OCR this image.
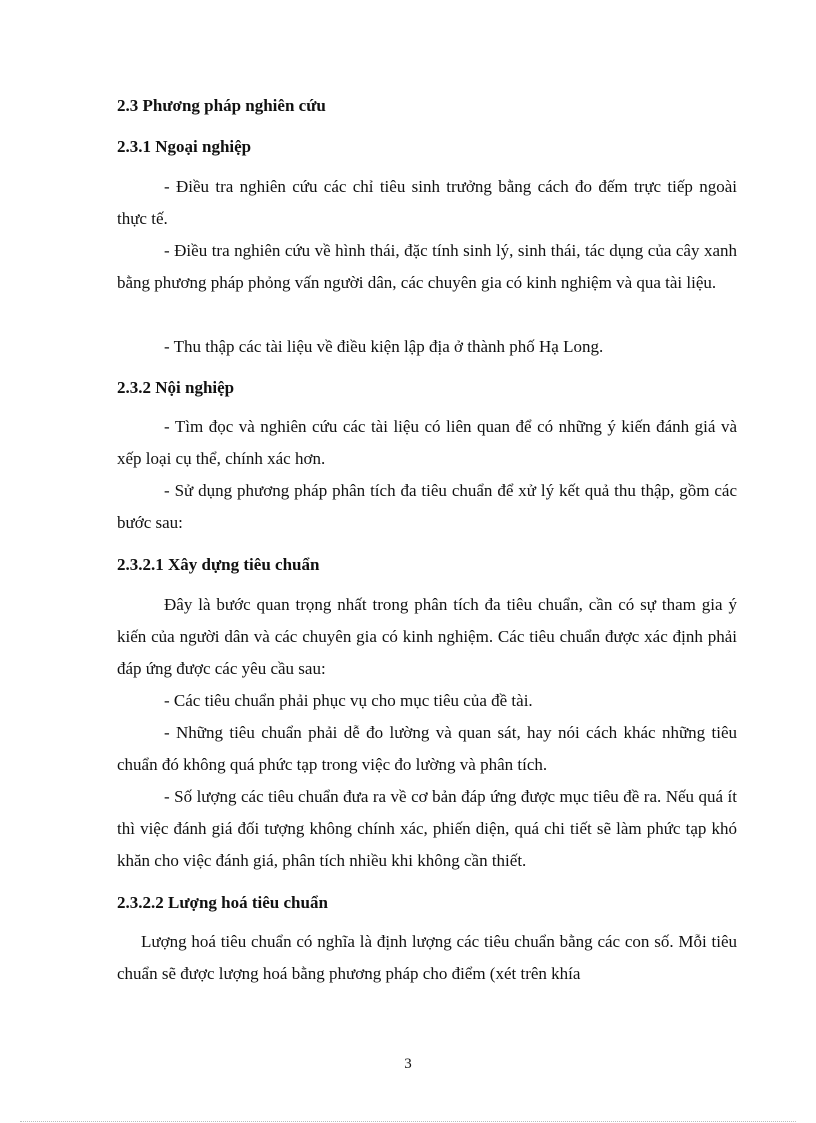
2.3 Phương pháp nghiên cứu
2.3.1 Ngoại nghiệp
- Điều tra nghiên cứu các chỉ tiêu sinh trưởng bằng cách đo đếm trực tiếp ngoài thực tế.
- Điều tra nghiên cứu về hình thái, đặc tính sinh lý, sinh thái, tác dụng của cây xanh bằng phương pháp phỏng vấn người dân, các chuyên gia có kinh nghiệm và qua tài liệu.
- Thu thập các tài liệu về điều kiện lập địa ở thành phố Hạ Long.
2.3.2 Nội nghiệp
- Tìm đọc và nghiên cứu các tài liệu có liên quan để có những ý kiến đánh giá và xếp loại cụ thể, chính xác hơn.
- Sử dụng phương pháp phân tích đa tiêu chuẩn để xử lý kết quả thu thập, gồm các bước sau:
2.3.2.1 Xây dựng tiêu chuẩn
Đây là bước quan trọng nhất trong phân tích đa tiêu chuẩn, cần có sự tham gia ý kiến của người dân và các chuyên gia có kinh nghiệm. Các tiêu chuẩn được xác định phải đáp ứng được các yêu cầu sau:
- Các tiêu chuẩn phải phục vụ cho mục tiêu của đề tài.
- Những tiêu chuẩn phải dễ đo lường và quan sát, hay nói cách khác những tiêu chuẩn đó không quá phức tạp trong việc đo lường và phân tích.
- Số lượng các tiêu chuẩn đưa ra về cơ bản đáp ứng được mục tiêu đề ra. Nếu quá ít thì việc đánh giá đối tượng không chính xác, phiến diện, quá chi tiết sẽ làm phức tạp khó khăn cho việc đánh giá, phân tích nhiều khi không cần thiết.
2.3.2.2 Lượng hoá tiêu chuẩn
Lượng hoá tiêu chuẩn có nghĩa là định lượng các tiêu chuẩn bằng các con số. Mỗi tiêu chuẩn sẽ được lượng hoá bằng phương pháp cho điểm (xét trên khía
3
